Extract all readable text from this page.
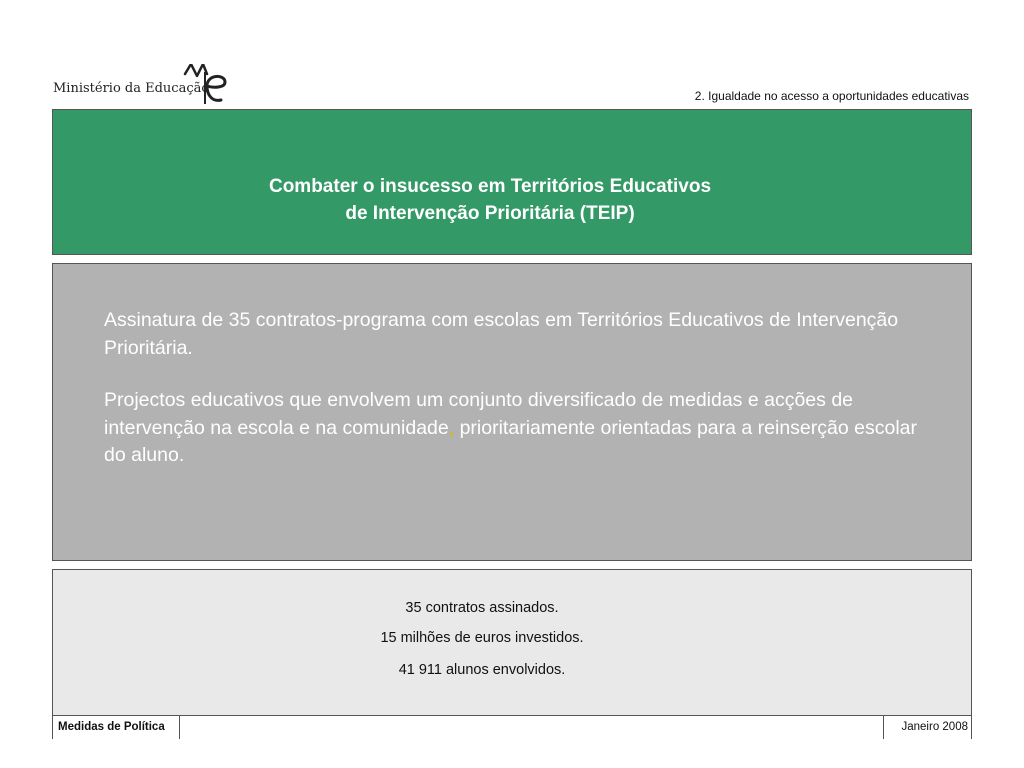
Ministério da Educação	2. Igualdade no acesso a oportunidades educativas
Combater o insucesso em Territórios Educativos
de Intervenção Prioritária (TEIP)

Assinatura de 35 contratos-programa com escolas em Territórios Educativos de Intervenção Prioritária.

Projectos educativos que envolvem um conjunto diversificado de medidas e acções de intervenção na escola e na comunidade, prioritariamente orientadas para a reinserção escolar do aluno.

35 contratos assinados.
15 milhões de euros investidos.
41 911 alunos envolvidos.
Medidas de Política	Janeiro 2008
